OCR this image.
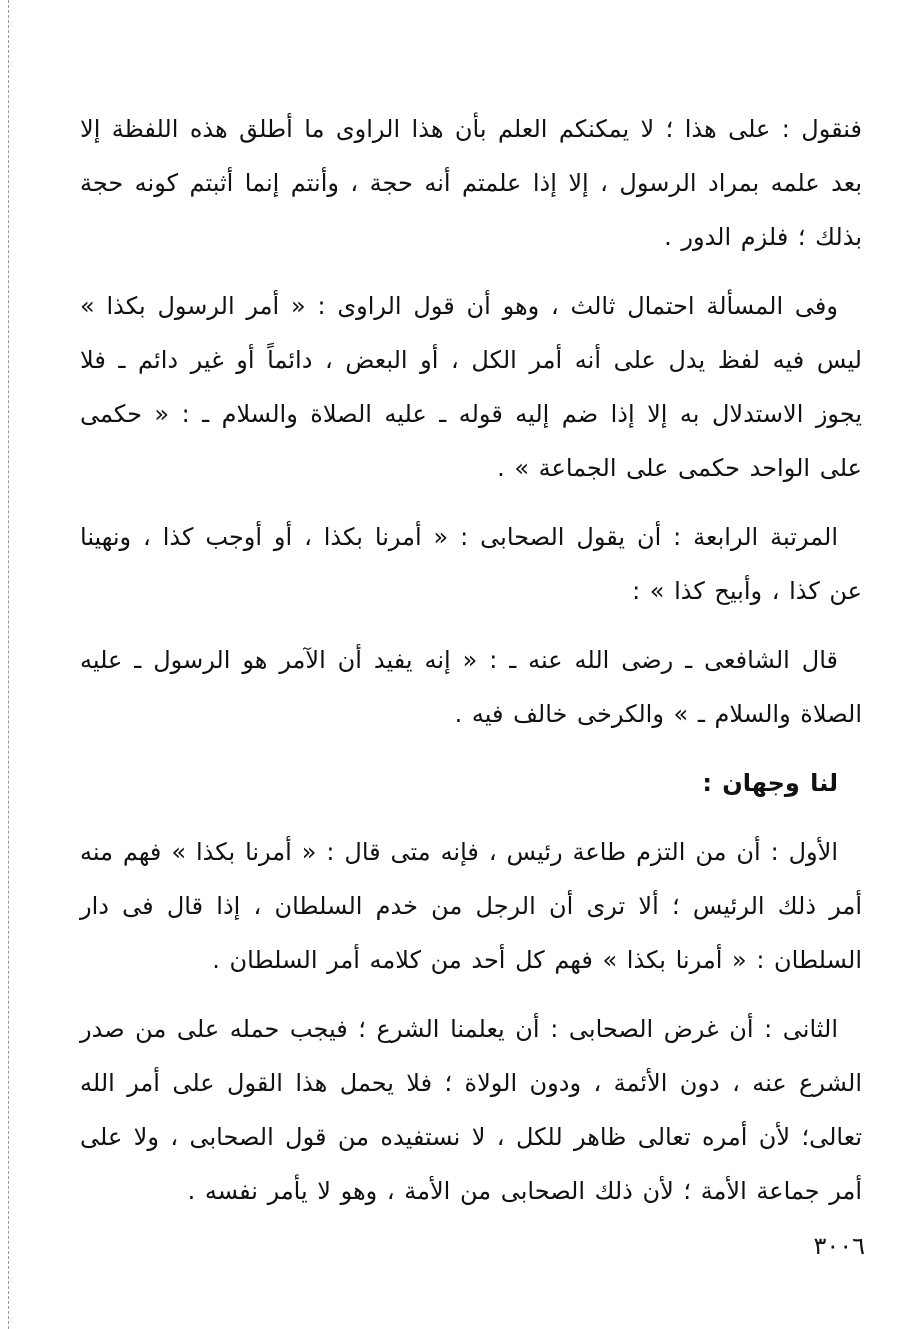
فنقول : على هذا ؛ لا يمكنكم العلم بأن هذا الراوى ما أطلق هذه اللفظة إلا بعد علمه بمراد الرسول ، إلا إذا علمتم أنه حجة ، وأنتم إنما أثبتم كونه حجة بذلك ؛ فلزم الدور .

وفى المسألة احتمال ثالث ، وهو أن قول الراوى : « أمر الرسول بكذا » ليس فيه لفظ يدل على أنه أمر الكل ، أو البعض ، دائماً أو غير دائم ـ فلا يجوز الاستدلال به إلا إذا ضم إليه قوله ـ عليه الصلاة والسلام ـ : « حكمى على الواحد حكمى على الجماعة » .

المرتبة الرابعة : أن يقول الصحابى : « أمرنا بكذا ، أو أوجب كذا ، ونهينا عن كذا ، وأبيح كذا » :

قال الشافعى ـ رضى الله عنه ـ : « إنه يفيد أن الآمر هو الرسول ـ عليه الصلاة والسلام ـ » والكرخى خالف فيه .

لنا وجهان :

الأول : أن من التزم طاعة رئيس ، فإنه متى قال : « أمرنا بكذا » فهم منه أمر ذلك الرئيس ؛ ألا ترى أن الرجل من خدم السلطان ، إذا قال فى دار السلطان : « أمرنا بكذا » فهم كل أحد من كلامه أمر السلطان .

الثانى : أن غرض الصحابى : أن يعلمنا الشرع ؛ فيجب حمله على من صدر الشرع عنه ، دون الأئمة ، ودون الولاة ؛ فلا يحمل هذا القول على أمر الله تعالى؛ لأن أمره تعالى ظاهر للكل ، لا نستفيده من قول الصحابى ، ولا على أمر جماعة الأمة ؛ لأن ذلك الصحابى من الأمة ، وهو لا يأمر نفسه .

٣٠٠٦
